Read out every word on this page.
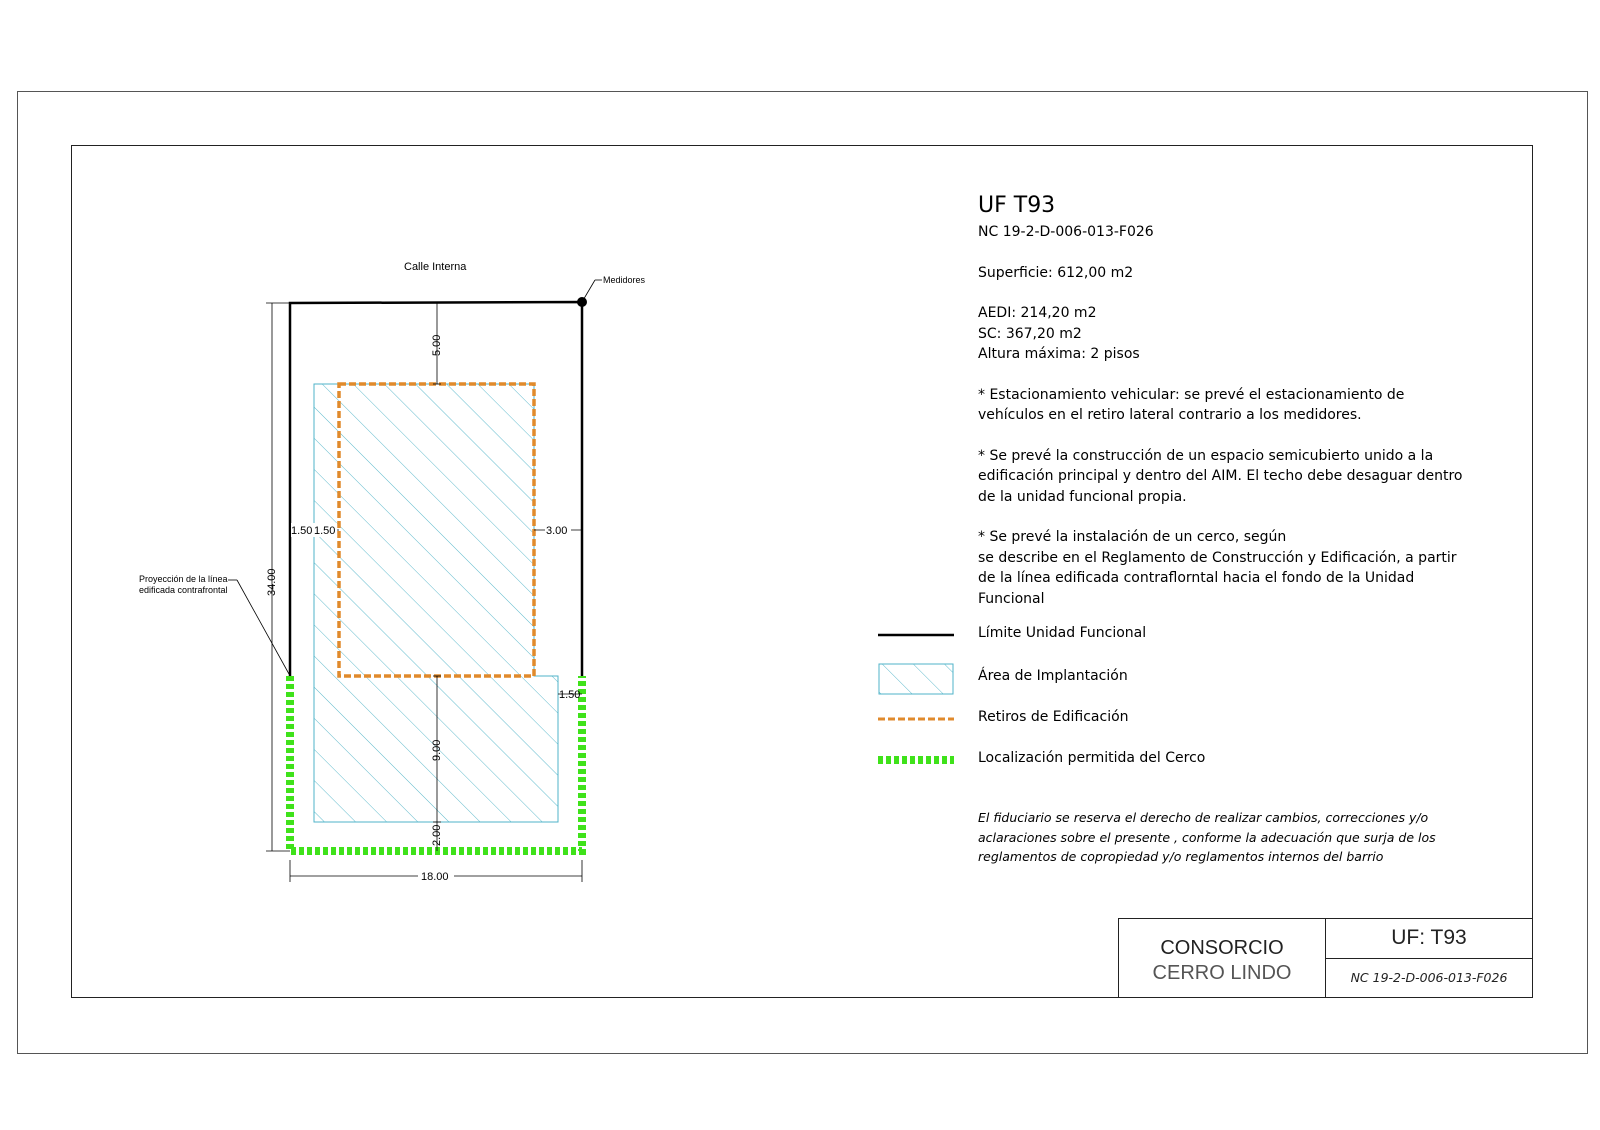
Medidores
Calle Interna
5.00
1.50 1.50	3.00
1.50
34.00
9.00
2.00
18.00
Proyección de la línea
edificada contrafrontal

UF T93

NC 19-2-D-006-013-F026

Superficie: 612,00 m2

AEDI: 214,20 m2

SC: 367,20 m2

Altura máxima: 2 pisos

* Estacionamiento vehicular: se prevé el estacionamiento de

vehículos en el retiro lateral contrario a los medidores.

* Se prevé la construcción de un espacio semicubierto unido a la

edificación principal y dentro del AIM. El techo debe desaguar dentro

de la unidad funcional propia.

* Se prevé la instalación de un cerco, según

se describe en el Reglamento de Construcción y Edificación, a partir

de la línea edificada contraflorntal hacia el fondo de la Unidad

Funcional

Límite Unidad Funcional
Área de Implantación
Retiros de Edificación
Localización permitida del Cerco
El fiduciario se reserva el derecho de realizar cambios, correcciones y/o
aclaraciones sobre el presente , conforme la adecuación que surja de los
reglamentos de copropiedad y/o reglamentos internos del barrio
CONSORCIO
CERRO LINDO
UF: T93
NC 19-2-D-006-013-F026
